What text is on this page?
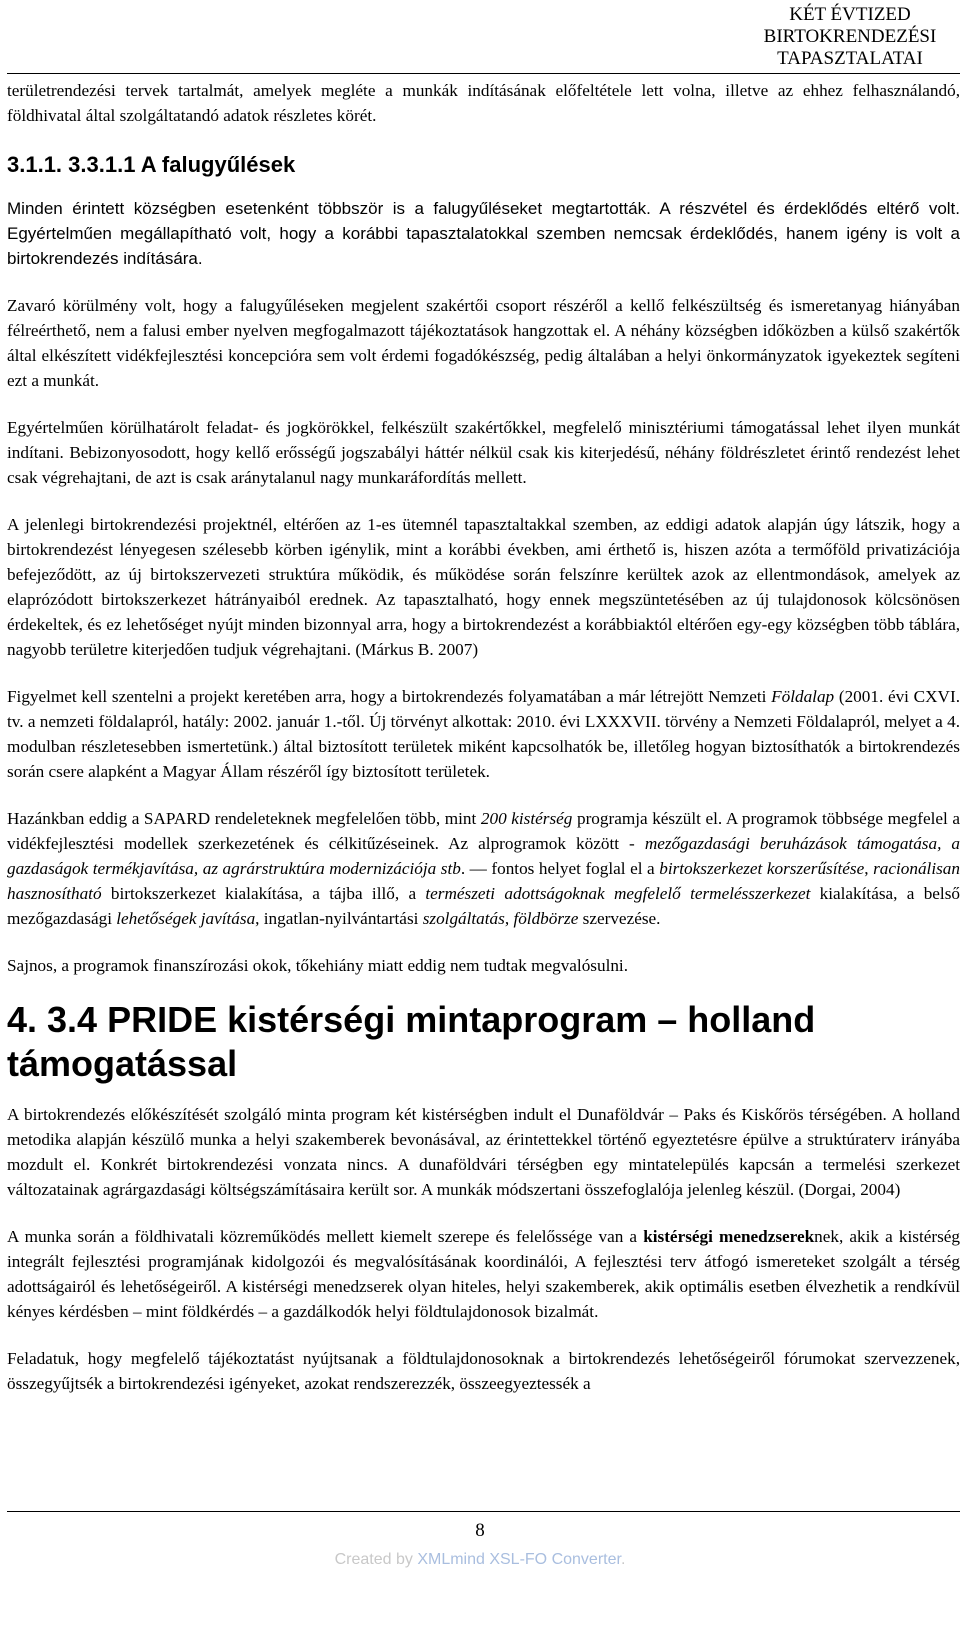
KÉT ÉVTIZED
BIRTOKRENDEZÉSI
TAPASZTALATAI

területrendezési tervek tartalmát, amelyek megléte a munkák indításának előfeltétele lett volna, illetve az ehhez felhasználandó, földhivatal által szolgáltatandó adatok részletes körét.

3.1.1. 3.3.1.1 A falugyűlések

Minden érintett községben esetenként többször is a falugyűléseket megtartották. A részvétel és érdeklődés eltérő volt. Egyértelműen megállapítható volt, hogy a korábbi tapasztalatokkal szemben nemcsak érdeklődés, hanem igény is volt a birtokrendezés indítására.

Zavaró körülmény volt, hogy a falugyűléseken megjelent szakértői csoport részéről a kellő felkészültség és ismeretanyag hiányában félreérthető, nem a falusi ember nyelven megfogalmazott tájékoztatások hangzottak el. A néhány községben időközben a külső szakértők által elkészített vidékfejlesztési koncepcióra sem volt érdemi fogadókészség, pedig általában a helyi önkormányzatok igyekeztek segíteni ezt a munkát.

Egyértelműen körülhatárolt feladat- és jogkörökkel, felkészült szakértőkkel, megfelelő minisztériumi támogatással lehet ilyen munkát indítani. Bebizonyosodott, hogy kellő erősségű jogszabályi háttér nélkül csak kis kiterjedésű, néhány földrészletet érintő rendezést lehet csak végrehajtani, de azt is csak aránytalanul nagy munkaráfordítás mellett.

A jelenlegi birtokrendezési projektnél, eltérően az 1-es ütemnél tapasztaltakkal szemben, az eddigi adatok alapján úgy látszik, hogy a birtokrendezést lényegesen szélesebb körben igénylik, mint a korábbi években, ami érthető is, hiszen azóta a termőföld privatizációja befejeződött, az új birtokszervezeti struktúra működik, és működése során felszínre kerültek azok az ellentmondások, amelyek az elaprózódott birtokszerkezet hátrányaiból erednek. Az tapasztalható, hogy ennek megszüntetésében az új tulajdonosok kölcsönösen érdekeltek, és ez lehetőséget nyújt minden bizonnyal arra, hogy a birtokrendezést a korábbiaktól eltérően egy-egy községben több táblára, nagyobb területre kiterjedően tudjuk végrehajtani. (Márkus B. 2007)

Figyelmet kell szentelni a projekt keretében arra, hogy a birtokrendezés folyamatában a már létrejött Nemzeti Földalap (2001. évi CXVI. tv. a nemzeti földalapról, hatály: 2002. január 1.-től. Új törvényt alkottak: 2010. évi LXXXVII. törvény a Nemzeti Földalapról, melyet a 4. modulban részletesebben ismertetünk.) által biztosított területek miként kapcsolhatók be, illetőleg hogyan biztosíthatók a birtokrendezés során csere alapként a Magyar Állam részéről így biztosított területek.

Hazánkban eddig a SAPARD rendeleteknek megfelelően több, mint 200 kistérség programja készült el. A programok többsége megfelel a vidékfejlesztési modellek szerkezetének és célkitűzéseinek. Az alprogramok között - mezőgazdasági beruházások támogatása, a gazdaságok termékjavítása, az agrárstruktúra modernizációja stb. — fontos helyet foglal el a birtokszerkezet korszerűsítése, racionálisan hasznosítható birtokszerkezet kialakítása, a tájba illő, a természeti adottságoknak megfelelő termelésszerkezet kialakítása, a belső mezőgazdasági lehetőségek javítása, ingatlan-nyilvántartási szolgáltatás, földbörze szervezése.

Sajnos, a programok finanszírozási okok, tőkehiány miatt eddig nem tudtak megvalósulni.

4. 3.4 PRIDE kistérségi mintaprogram – holland támogatással

A birtokrendezés előkészítését szolgáló minta program két kistérségben indult el Dunaföldvár – Paks és Kiskőrös térségében. A holland metodika alapján készülő munka a helyi szakemberek bevonásával, az érintettekkel történő egyeztetésre épülve a struktúraterv irányába mozdult el. Konkrét birtokrendezési vonzata nincs. A dunaföldvári térségben egy mintatelepülés kapcsán a termelési szerkezet változatainak agrárgazdasági költségszámításaira került sor. A munkák módszertani összefoglalója jelenleg készül. (Dorgai, 2004)

A munka során a földhivatali közreműködés mellett kiemelt szerepe és felelőssége van a kistérségi menedzsereknek, akik a kistérség integrált fejlesztési programjának kidolgozói és megvalósításának koordinálói, A fejlesztési terv átfogó ismereteket szolgált a térség adottságairól és lehetőségeiről. A kistérségi menedzserek olyan hiteles, helyi szakemberek, akik optimális esetben élvezhetik a rendkívül kényes kérdésben – mint földkérdés – a gazdálkodók helyi földtulajdonosok bizalmát.

Feladatuk, hogy megfelelő tájékoztatást nyújtsanak a földtulajdonosoknak a birtokrendezés lehetőségeiről fórumokat szervezzenek, összegyűjtsék a birtokrendezési igényeket, azokat rendszerezzék, összeegyeztessék a

8
Created by XMLmind XSL-FO Converter.
